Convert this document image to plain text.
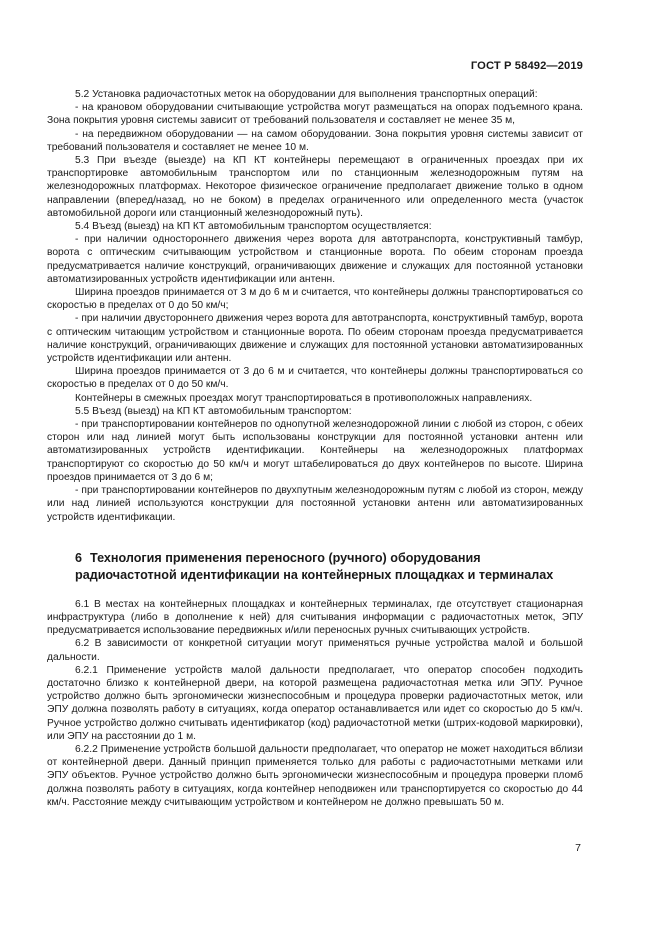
ГОСТ Р 58492—2019

5.2 Установка радиочастотных меток на оборудовании для выполнения транспортных операций:

- на крановом оборудовании считывающие устройства могут размещаться на опорах подъемного крана. Зона покрытия уровня системы зависит от требований пользователя и составляет не менее 35 м,

- на передвижном оборудовании — на самом оборудовании. Зона покрытия уровня системы зависит от требований пользователя и составляет не менее 10 м.

5.3 При въезде (выезде) на КП КТ контейнеры перемещают в ограниченных проездах при их транспортировке автомобильным транспортом или по станционным железнодорожным путям на железнодорожных платформах. Некоторое физическое ограничение предполагает движение только в одном направлении (вперед/назад, но не боком) в пределах ограниченного или определенного места (участок автомобильной дороги или станционный железнодорожный путь).

5.4 Въезд (выезд) на КП КТ автомобильным транспортом осуществляется:

- при наличии одностороннего движения через ворота для автотранспорта, конструктивный тамбур, ворота с оптическим считывающим устройством и станционные ворота. По обеим сторонам проезда предусматривается наличие конструкций, ограничивающих движение и служащих для постоянной установки автоматизированных устройств идентификации или антенн.

Ширина проездов принимается от 3 м до 6 м и считается, что контейнеры должны транспортироваться со скоростью в пределах от 0 до 50 км/ч;

- при наличии двустороннего движения через ворота для автотранспорта, конструктивный тамбур, ворота с оптическим читающим устройством и станционные ворота. По обеим сторонам проезда предусматривается наличие конструкций, ограничивающих движение и служащих для постоянной установки автоматизированных устройств идентификации или антенн.

Ширина проездов принимается от 3 до 6 м и считается, что контейнеры должны транспортироваться со скоростью в пределах от 0 до 50 км/ч.

Контейнеры в смежных проездах могут транспортироваться в противоположных направлениях.

5.5 Въезд (выезд) на КП КТ автомобильным транспортом:

- при транспортировании контейнеров по однопутной железнодорожной линии с любой из сторон, с обеих сторон или над линией могут быть использованы конструкции для постоянной установки антенн или автоматизированных устройств идентификации. Контейнеры на железнодорожных платформах транспортируют со скоростью до 50 км/ч и могут штабелироваться до двух контейнеров по высоте. Ширина проездов принимается от 3 до 6 м;

- при транспортировании контейнеров по двухпутным железнодорожным путям с любой из сторон, между или над линией используются конструкции для постоянной установки антенн или автоматизированных устройств идентификации.

6 Технология применения переносного (ручного) оборудования радиочастотной идентификации на контейнерных площадках и терминалах

6.1 В местах на контейнерных площадках и контейнерных терминалах, где отсутствует стационарная инфраструктура (либо в дополнение к ней) для считывания информации с радиочастотных меток, ЭПУ предусматривается использование передвижных и/или переносных ручных считывающих устройств.

6.2 В зависимости от конкретной ситуации могут применяться ручные устройства малой и большой дальности.

6.2.1 Применение устройств малой дальности предполагает, что оператор способен подходить достаточно близко к контейнерной двери, на которой размещена радиочастотная метка или ЭПУ. Ручное устройство должно быть эргономически жизнеспособным и процедура проверки радиочастотных меток, или ЭПУ должна позволять работу в ситуациях, когда оператор останавливается или идет со скоростью до 5 км/ч. Ручное устройство должно считывать идентификатор (код) радиочастотной метки (штрих-кодовой маркировки), или ЭПУ на расстоянии до 1 м.

6.2.2 Применение устройств большой дальности предполагает, что оператор не может находиться вблизи от контейнерной двери. Данный принцип применяется только для работы с радиочастотными метками или ЭПУ объектов. Ручное устройство должно быть эргономически жизнеспособным и процедура проверки пломб должна позволять работу в ситуациях, когда контейнер неподвижен или транспортируется со скоростью до 44 км/ч. Расстояние между считывающим устройством и контейнером не должно превышать 50 м.

7
